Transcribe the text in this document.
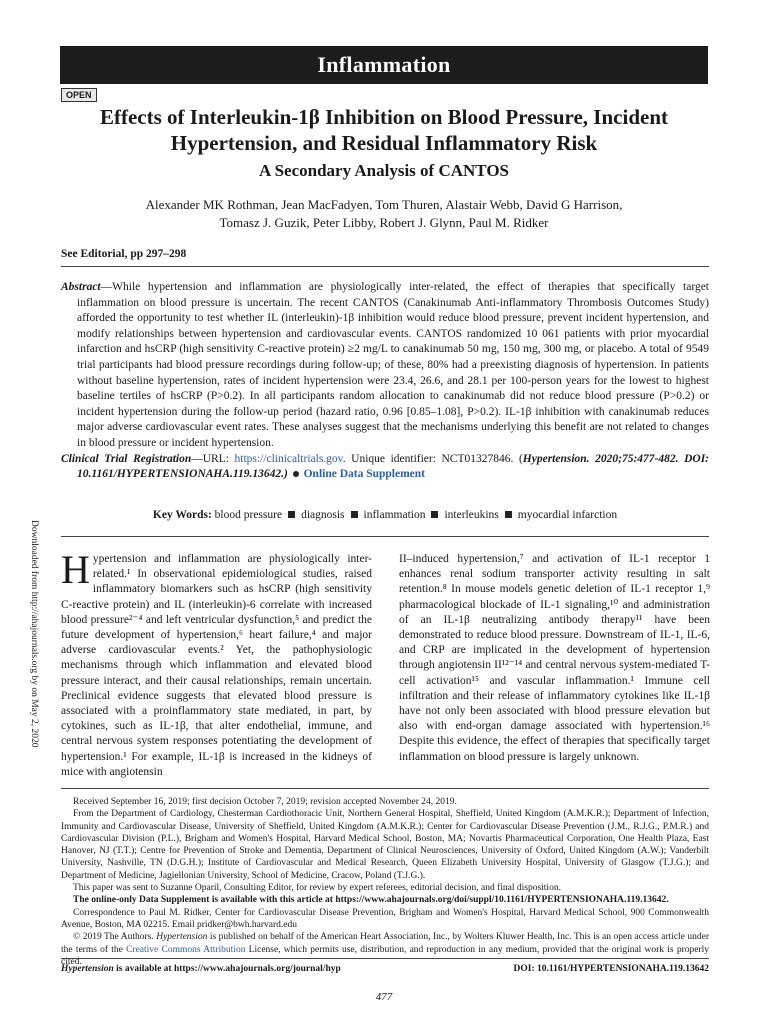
Inflammation
OPEN
Effects of Interleukin-1β Inhibition on Blood Pressure, Incident Hypertension, and Residual Inflammatory Risk
A Secondary Analysis of CANTOS
Alexander MK Rothman, Jean MacFadyen, Tom Thuren, Alastair Webb, David G Harrison,
Tomasz J. Guzik, Peter Libby, Robert J. Glynn, Paul M. Ridker
See Editorial, pp 297–298
Abstract—While hypertension and inflammation are physiologically inter-related, the effect of therapies that specifically target inflammation on blood pressure is uncertain. The recent CANTOS (Canakinumab Anti-inflammatory Thrombosis Outcomes Study) afforded the opportunity to test whether IL (interleukin)-1β inhibition would reduce blood pressure, prevent incident hypertension, and modify relationships between hypertension and cardiovascular events. CANTOS randomized 10 061 patients with prior myocardial infarction and hsCRP (high sensitivity C-reactive protein) ≥2 mg/L to canakinumab 50 mg, 150 mg, 300 mg, or placebo. A total of 9549 trial participants had blood pressure recordings during follow-up; of these, 80% had a preexisting diagnosis of hypertension. In patients without baseline hypertension, rates of incident hypertension were 23.4, 26.6, and 28.1 per 100-person years for the lowest to highest baseline tertiles of hsCRP (P>0.2). In all participants random allocation to canakinumab did not reduce blood pressure (P>0.2) or incident hypertension during the follow-up period (hazard ratio, 0.96 [0.85–1.08], P>0.2). IL-1β inhibition with canakinumab reduces major adverse cardiovascular event rates. These analyses suggest that the mechanisms underlying this benefit are not related to changes in blood pressure or incident hypertension.
Clinical Trial Registration—URL: https://clinicaltrials.gov. Unique identifier: NCT01327846. (Hypertension. 2020;75:477-482. DOI: 10.1161/HYPERTENSIONAHA.119.13642.) Online Data Supplement
Key Words: blood pressure diagnosis inflammation interleukins myocardial infarction
Downloaded from http://ahajournals.org by on May 2, 2020 Hypertension and inflammation are physiologically inter-related.¹ In observational epidemiological studies, raised inflammatory biomarkers such as hsCRP (high sensitivity C-reactive protein) and IL (interleukin)-6 correlate with increased blood pressure²⁻⁴ and left ventricular dysfunction,⁵ and predict the future development of hypertension,⁶ heart failure,⁴ and major adverse cardiovascular events.² Yet, the pathophysiologic mechanisms through which inflammation and elevated blood pressure interact, and their causal relationships, remain uncertain. Preclinical evidence suggests that elevated blood pressure is associated with a proinflammatory state mediated, in part, by cytokines, such as IL-1β, that alter endothelial, immune, and central nervous system responses potentiating the development of hypertension.¹ For example, IL-1β is increased in the kidneys of mice with angiotensin
II–induced hypertension,⁷ and activation of IL-1 receptor 1 enhances renal sodium transporter activity resulting in salt retention.⁸ In mouse models genetic deletion of IL-1 receptor 1,⁹ pharmacological blockade of IL-1 signaling,¹⁰ and administration of an IL-1β neutralizing antibody therapy¹¹ have been demonstrated to reduce blood pressure. Downstream of IL-1, IL-6, and CRP are implicated in the development of hypertension through angiotensin II¹²⁻¹⁴ and central nervous system-mediated T-cell activation¹⁵ and vascular inflammation.¹ Immune cell infiltration and their release of inflammatory cytokines like IL-1β have not only been associated with blood pressure elevation but also with end-organ damage associated with hypertension.¹⁶ Despite this evidence, the effect of therapies that specifically target inflammation on blood pressure is largely unknown.

Received September 16, 2019; first decision October 7, 2019; revision accepted November 24, 2019.

From the Department of Cardiology, Chesterman Cardiothoracic Unit, Northern General Hospital, Sheffield, United Kingdom (A.M.K.R.); Department of Infection, Immunity and Cardiovascular Disease, University of Sheffield, United Kingdom (A.M.K.R.); Center for Cardiovascular Disease Prevention (J.M., R.J.G., P.M.R.) and Cardiovascular Division (P.L.), Brigham and Women's Hospital, Harvard Medical School, Boston, MA; Novartis Pharmaceutical Corporation, One Health Plaza, East Hanover, NJ (T.T.); Centre for Prevention of Stroke and Dementia, Department of Clinical Neurosciences, University of Oxford, United Kingdom (A.W.); Vanderbilt University, Nashville, TN (D.G.H.); Institute of Cardiovascular and Medical Research, Queen Elizabeth University Hospital, University of Glasgow (T.J.G.); and Department of Medicine, Jagiellonian University, School of Medicine, Cracow, Poland (T.J.G.).

This paper was sent to Suzanne Oparil, Consulting Editor, for review by expert referees, editorial decision, and final disposition.

The online-only Data Supplement is available with this article at https://www.ahajournals.org/doi/suppl/10.1161/HYPERTENSIONAHA.119.13642.

Correspondence to Paul M. Ridker, Center for Cardiovascular Disease Prevention, Brigham and Women's Hospital, Harvard Medical School, 900 Commonwealth Avenue, Boston, MA 02215. Email pridker@bwh.harvard.edu

© 2019 The Authors. Hypertension is published on behalf of the American Heart Association, Inc., by Wolters Kluwer Health, Inc. This is an open access article under the terms of the Creative Commons Attribution License, which permits use, distribution, and reproduction in any medium, provided that the original work is properly cited.

Hypertension is available at https://www.ahajournals.org/journal/hyp	DOI: 10.1161/HYPERTENSIONAHA.119.13642
477
